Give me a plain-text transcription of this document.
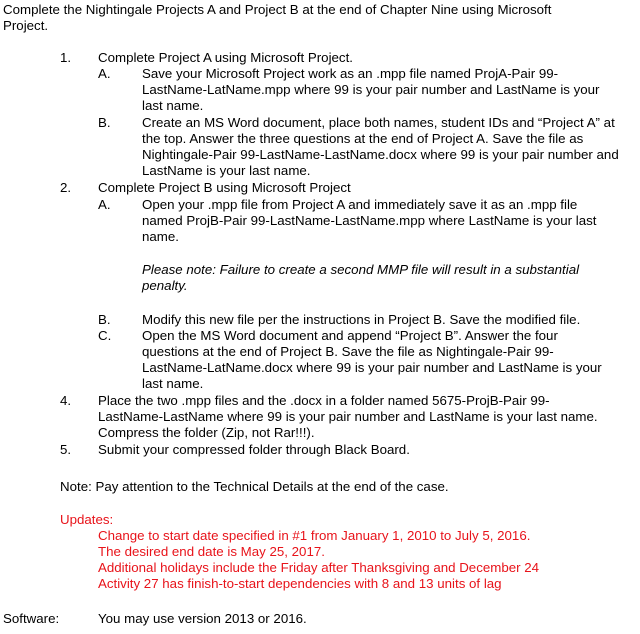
Complete the Nightingale Projects A and Project B at the end of Chapter Nine using Microsoft
Project.
1. Complete Project A using Microsoft Project.
A. Save your Microsoft Project work as an .mpp file named ProjA-Pair 99-
LastName-LatName.mpp where 99 is your pair number and LastName is your
last name.
B. Create an MS Word document, place both names, student IDs and “Project A” at
the top. Answer the three questions at the end of Project A. Save the file as
Nightingale-Pair 99-LastName-LastName.docx where 99 is your pair number and
LastName is your last name.
2. Complete Project B using Microsoft Project
A. Open your .mpp file from Project A and immediately save it as an .mpp file
named ProjB-Pair 99-LastName-LastName.mpp where LastName is your last
name.
Please note: Failure to create a second MMP file will result in a substantial
penalty.
B. Modify this new file per the instructions in Project B. Save the modified file.
C. Open the MS Word document and append “Project B”. Answer the four
questions at the end of Project B. Save the file as Nightingale-Pair 99-
LastName-LatName.docx where 99 is your pair number and LastName is your
last name.
4. Place the two .mpp files and the .docx in a folder named 5675-ProjB-Pair 99-
LastName-LastName where 99 is your pair number and LastName is your last name.
Compress the folder (Zip, not Rar!!!).
5. Submit your compressed folder through Black Board.
Note: Pay attention to the Technical Details at the end of the case.
Updates:
Change to start date specified in #1 from January 1, 2010 to July 5, 2016.
The desired end date is May 25, 2017.
Additional holidays include the Friday after Thanksgiving and December 24
Activity 27 has finish-to-start dependencies with 8 and 13 units of lag
Software:	You may use version 2013 or 2016.
